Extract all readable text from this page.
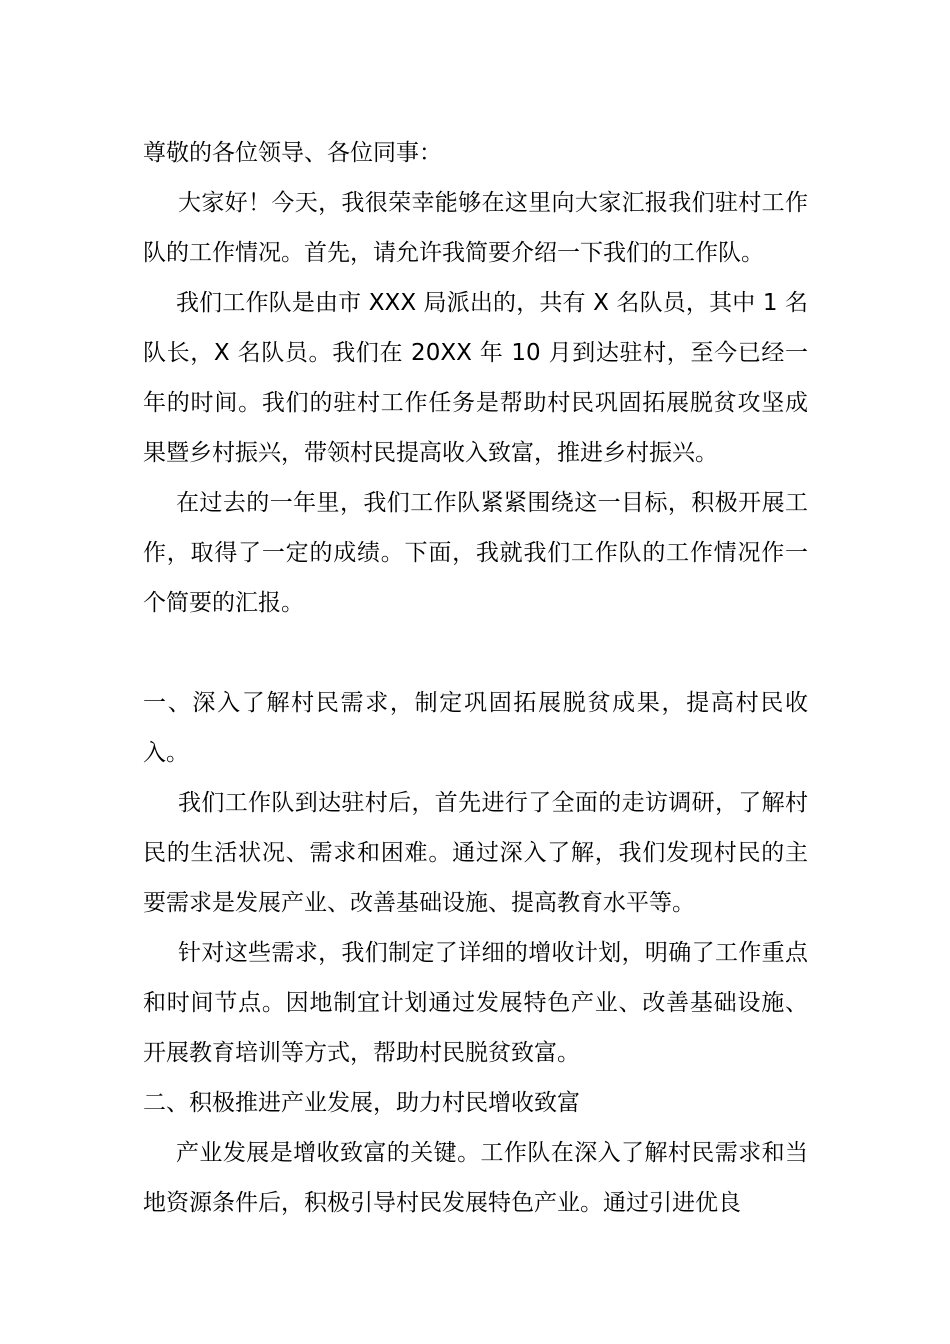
尊敬的各位领导、各位同事：

大家好！今天，我很荣幸能够在这里向大家汇报我们驻村工作队的工作情况。首先，请允许我简要介绍一下我们的工作队。

我们工作队是由市 XXX 局派出的，共有 X 名队员，其中 1 名队长，X 名队员。我们在 20XX 年 10 月到达驻村，至今已经一年的时间。我们的驻村工作任务是帮助村民巩固拓展脱贫攻坚成果暨乡村振兴，带领村民提高收入致富，推进乡村振兴。

在过去的一年里，我们工作队紧紧围绕这一目标，积极开展工作，取得了一定的成绩。下面，我就我们工作队的工作情况作一个简要的汇报。

一、深入了解村民需求，制定巩固拓展脱贫成果，提高村民收入。

我们工作队到达驻村后，首先进行了全面的走访调研，了解村民的生活状况、需求和困难。通过深入了解，我们发现村民的主要需求是发展产业、改善基础设施、提高教育水平等。

针对这些需求，我们制定了详细的增收计划，明确了工作重点和时间节点。因地制宜计划通过发展特色产业、改善基础设施、开展教育培训等方式，帮助村民脱贫致富。

二、积极推进产业发展，助力村民增收致富

产业发展是增收致富的关键。工作队在深入了解村民需求和当地资源条件后，积极引导村民发展特色产业。通过引进优良
